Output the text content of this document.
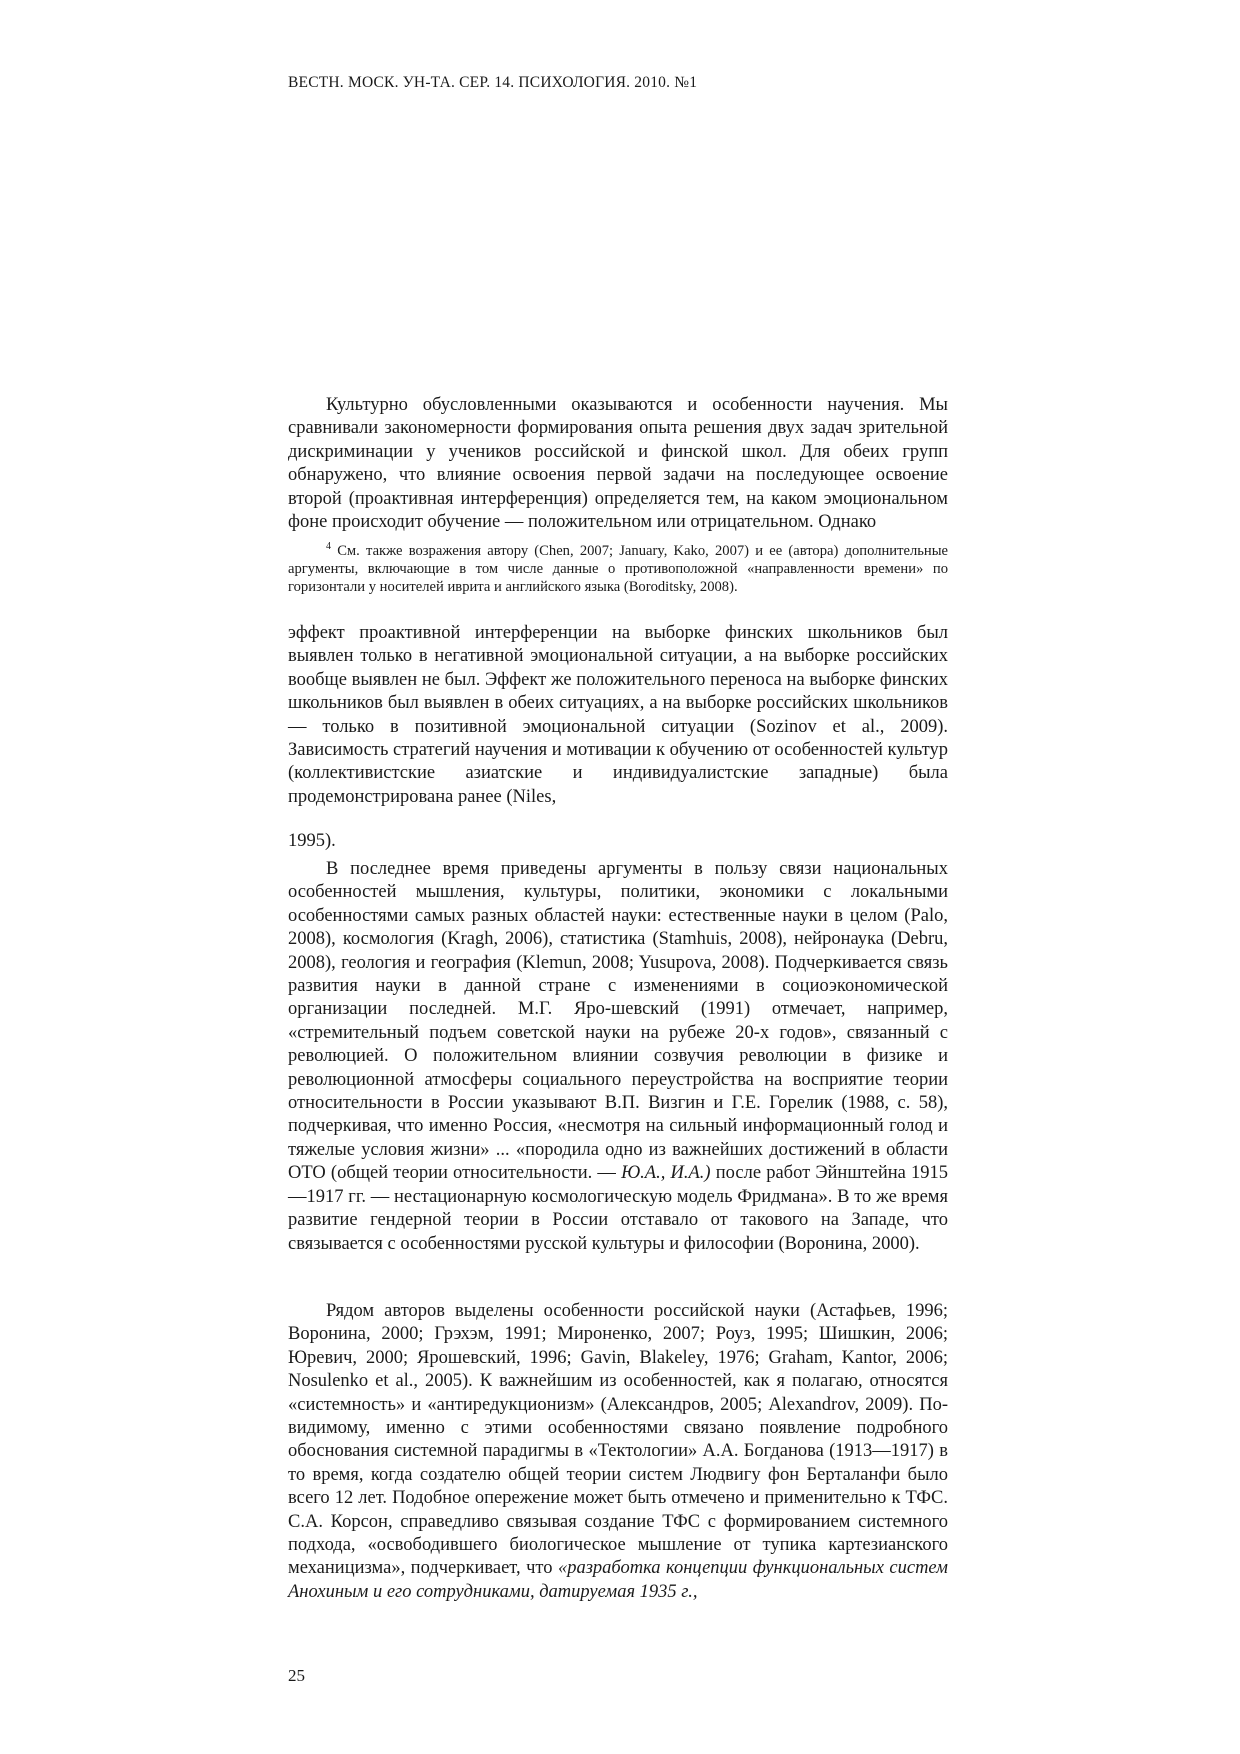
ВЕСТН. МОСК. УН-ТА. СЕР. 14. ПСИХОЛОГИЯ. 2010. №1

Культурно обусловленными оказываются и особенности научения. Мы сравнивали закономерности формирования опыта решения двух задач зрительной дискриминации у учеников российской и финской школ. Для обеих групп обнаружено, что влияние освоения первой задачи на последующее освоение второй (проактивная интерференция) определяется тем, на каком эмоциональном фоне происходит обучение — положительном или отрицательном. Однако

$^4$ См. также возражения автору (Chen, 2007; January, Kako, 2007) и ее (автора) дополнительные аргументы, включающие в том числе данные о противоположной «направленности времени» по горизонтали у носителей иврита и английского языка (Boroditsky, 2008).

эффект проактивной интерференции на выборке финских школьников был выявлен только в негативной эмоциональной ситуации, а на выборке российских вообще выявлен не был. Эффект же положительного переноса на выборке финских школьников был выявлен в обеих ситуациях, а на выборке российских школьников — только в позитивной эмоциональной ситуации (Sozinov et al., 2009). Зависимость стратегий научения и мотивации к обучению от особенностей культур (коллективистские азиатские и индивидуалистские западные) была продемонстрирована ранее (Niles,

1995).

В последнее время приведены аргументы в пользу связи национальных особенностей мышления, культуры, политики, экономики с локальными особенностями самых разных областей науки: естественные науки в целом (Palo, 2008), космология (Kragh, 2006), статистика (Stamhuis, 2008), нейронаука (Debru, 2008), геология и география (Klemun, 2008; Yusupova, 2008). Подчеркивается связь развития науки в данной стране с изменениями в социоэкономической организации последней. М.Г. Яро-шевский (1991) отмечает, например, «стремительный подъем советской науки на рубеже 20-х годов», связанный с революцией. О положительном влиянии созвучия революции в физике и революционной атмосферы социального переустройства на восприятие теории относительности в России указывают В.П. Визгин и Г.Е. Горелик (1988, с. 58), подчеркивая, что именно Россия, «несмотря на сильный информационный голод и тяжелые условия жизни» ... «породила одно из важнейших достижений в области ОТО (общей теории относительности. — Ю.А., И.А.) после работ Эйнштейна 1915—1917 гг. — нестационарную космологическую модель Фридмана». В то же время развитие гендерной теории в России отставало от такового на Западе, что связывается с особенностями русской культуры и философии (Воронина, 2000).

Рядом авторов выделены особенности российской науки (Астафьев, 1996; Воронина, 2000; Грэхэм, 1991; Мироненко, 2007; Роуз, 1995; Шишкин, 2006; Юревич, 2000; Ярошевский, 1996; Gavin, Blakeley, 1976; Graham, Kantor, 2006; Nosulenko et al., 2005). К важнейшим из особенностей, как я полагаю, относятся «системность» и «антиредукционизм» (Александров, 2005; Alexandrov, 2009). По-видимому, именно с этими особенностями связано появление подробного обоснования системной парадигмы в «Тектологии» А.А. Богданова (1913—1917) в то время, когда создателю общей теории систем Людвигу фон Берталанфи было всего 12 лет. Подобное опережение может быть отмечено и применительно к ТФС. С.А. Корсон, справедливо связывая создание ТФС с формированием системного подхода, «освободившего биологическое мышление от тупика картезианского механицизма», подчеркивает, что «разработка концепции функциональных систем Анохиным и его сотрудниками, датируемая 1935 г.,

25
